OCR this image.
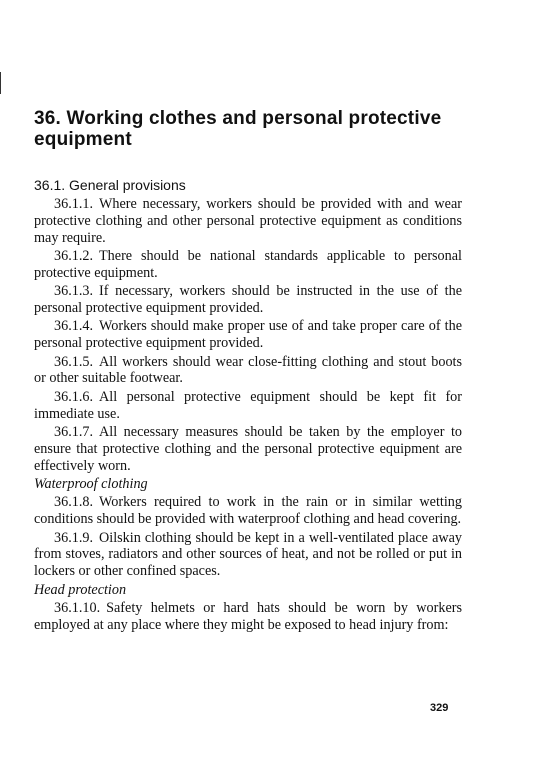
36. Working clothes and personal protective equipment
36.1. General provisions

36.1.1. Where necessary, workers should be provided with and wear protective clothing and other personal protective equipment as conditions may require.

36.1.2. There should be national standards applicable to personal protective equipment.

36.1.3. If necessary, workers should be instructed in the use of the personal protective equipment provided.

36.1.4. Workers should make proper use of and take proper care of the personal protective equipment provided.

36.1.5. All workers should wear close-fitting clothing and stout boots or other suitable footwear.

36.1.6. All personal protective equipment should be kept fit for immediate use.

36.1.7. All necessary measures should be taken by the employer to ensure that protective clothing and the personal protective equipment are effectively worn.

Waterproof clothing

36.1.8. Workers required to work in the rain or in similar wetting conditions should be provided with waterproof clothing and head covering.

36.1.9. Oilskin clothing should be kept in a well-ventilated place away from stoves, radiators and other sources of heat, and not be rolled or put in lockers or other confined spaces.

Head protection

36.1.10. Safety helmets or hard hats should be worn by workers employed at any place where they might be exposed to head injury from:

329
